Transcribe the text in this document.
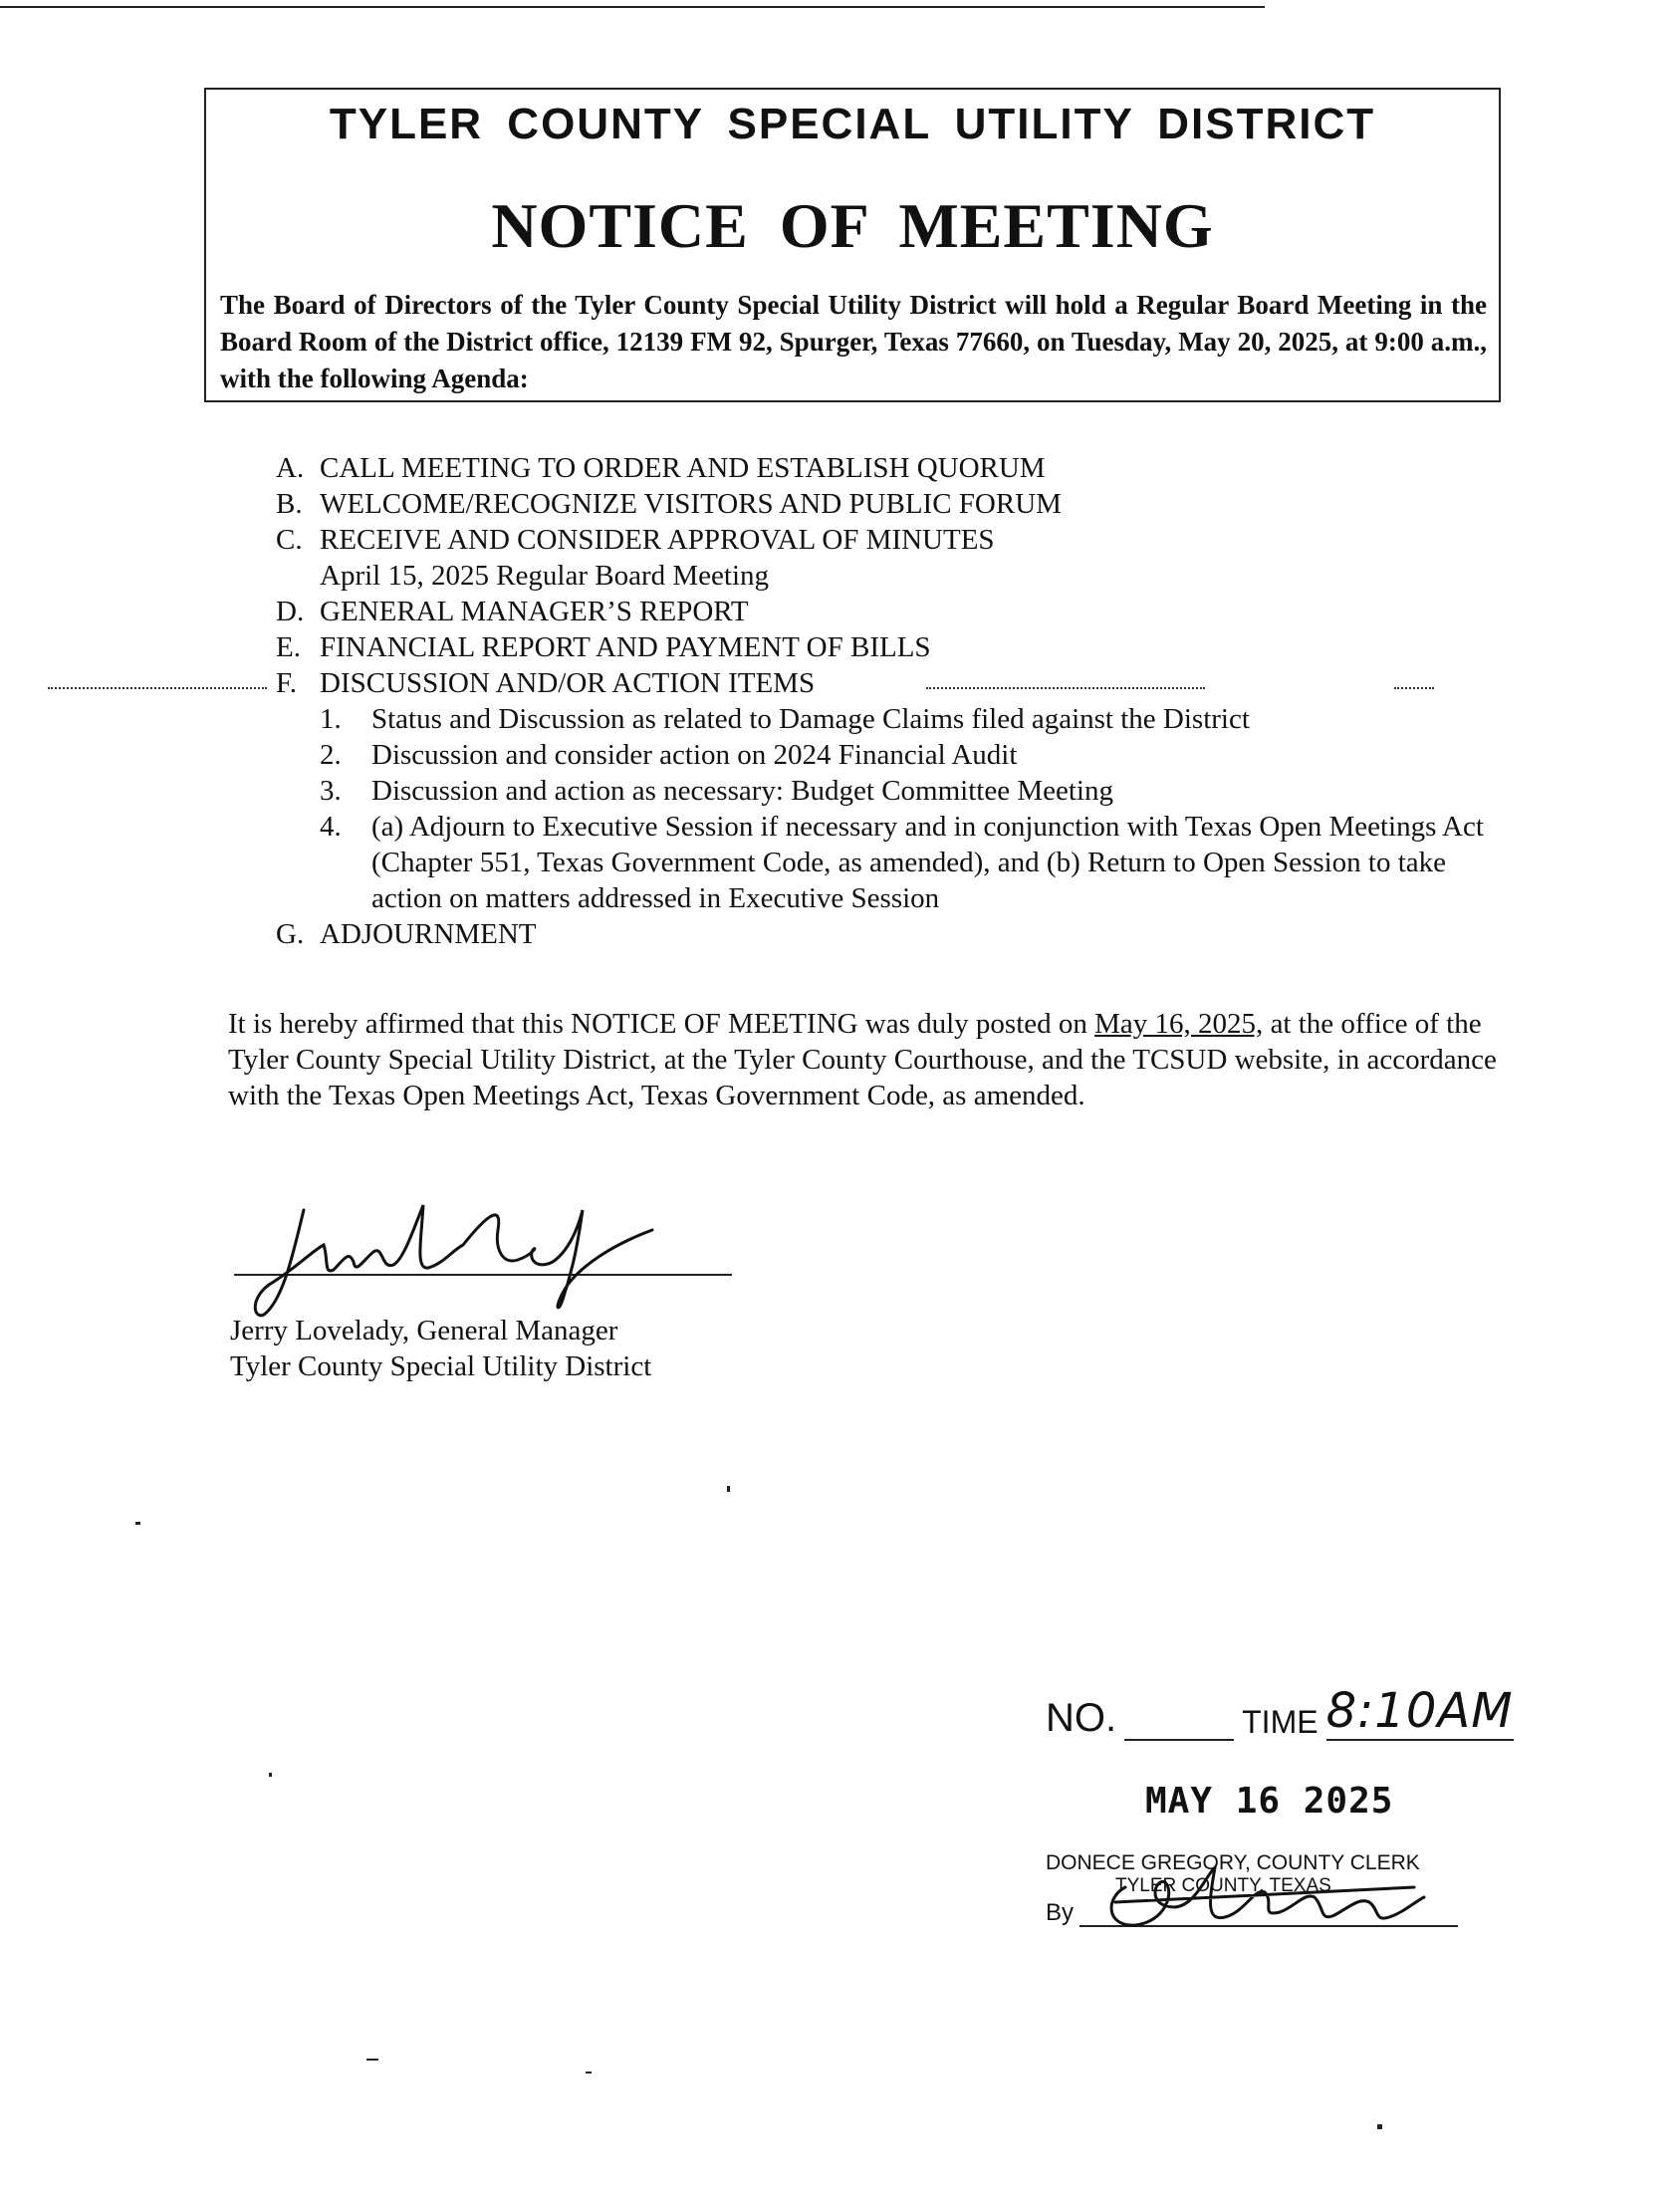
TYLER COUNTY SPECIAL UTILITY DISTRICT
NOTICE OF MEETING
The Board of Directors of the Tyler County Special Utility District will hold a Regular Board Meeting in the Board Room of the District office, 12139 FM 92, Spurger, Texas 77660, on Tuesday, May 20, 2025, at 9:00 a.m., with the following Agenda:
A. CALL MEETING TO ORDER AND ESTABLISH QUORUM
B. WELCOME/RECOGNIZE VISITORS AND PUBLIC FORUM
C. RECEIVE AND CONSIDER APPROVAL OF MINUTES
April 15, 2025 Regular Board Meeting
D. GENERAL MANAGER’S REPORT
E. FINANCIAL REPORT AND PAYMENT OF BILLS
F. DISCUSSION AND/OR ACTION ITEMS
1.	Status and Discussion as related to Damage Claims filed against the District
2.	Discussion and consider action on 2024 Financial Audit
3.	Discussion and action as necessary: Budget Committee Meeting
4.	(a) Adjourn to Executive Session if necessary and in conjunction with Texas Open Meetings Act (Chapter 551, Texas Government Code, as amended), and (b) Return to Open Session to take action on matters addressed in Executive Session
G. ADJOURNMENT
It is hereby affirmed that this NOTICE OF MEETING was duly posted on May 16, 2025, at the office of the Tyler County Special Utility District, at the Tyler County Courthouse, and the TCSUD website, in accordance with the Texas Open Meetings Act, Texas Government Code, as amended.
Jerry Lovelady, General Manager
Tyler County Special Utility District
NO.	TIME 8:10AM
MAY 16 2025
DONECE GREGORY, COUNTY CLERK
TYLER COUNTY, TEXAS
By
